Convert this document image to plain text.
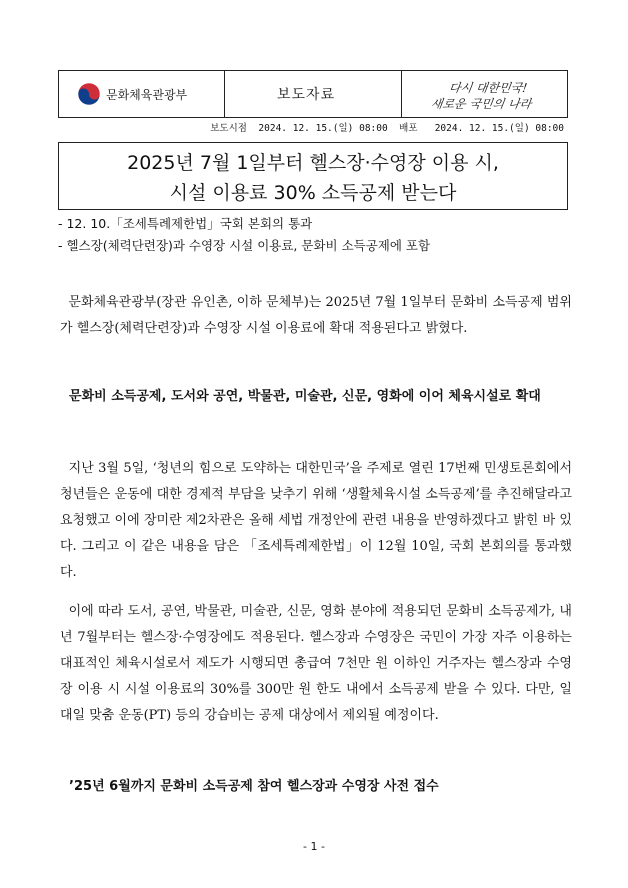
문화체육관광부	보도자료	다시 대한민국!
새로운 국민의 나라
보도시점 2024. 12. 15.(일) 08:00 배포 2024. 12. 15.(일) 08:00
2025년 7월 1일부터 헬스장·수영장 이용 시,
시설 이용료 30% 소득공제 받는다
- 12. 10.「조세특례제한법」국회 본회의 통과
- 헬스장(체력단련장)과 수영장 시설 이용료, 문화비 소득공제에 포함

문화체육관광부(장관 유인촌, 이하 문체부)는 2025년 7월 1일부터 문화비 소득공제 범위가 헬스장(체력단련장)과 수영장 시설 이용료에 확대 적용된다고 밝혔다.

문화비 소득공제, 도서와 공연, 박물관, 미술관, 신문, 영화에 이어 체육시설로 확대

지난 3월 5일, ‘청년의 힘으로 도약하는 대한민국’을 주제로 열린 17번째 민생토론회에서 청년들은 운동에 대한 경제적 부담을 낮추기 위해 ‘생활체육시설 소득공제’를 추진해달라고 요청했고 이에 장미란 제2차관은 올해 세법 개정안에 관련 내용을 반영하겠다고 밝힌 바 있다. 그리고 이 같은 내용을 담은 「조세특례제한법」이 12월 10일, 국회 본회의를 통과했다.

이에 따라 도서, 공연, 박물관, 미술관, 신문, 영화 분야에 적용되던 문화비 소득공제가, 내년 7월부터는 헬스장·수영장에도 적용된다. 헬스장과 수영장은 국민이 가장 자주 이용하는 대표적인 체육시설로서 제도가 시행되면 총급여 7천만 원 이하인 거주자는 헬스장과 수영장 이용 시 시설 이용료의 30%를 300만 원 한도 내에서 소득공제 받을 수 있다. 다만, 일대일 맞춤 운동(PT) 등의 강습비는 공제 대상에서 제외될 예정이다.

’25년 6월까지 문화비 소득공제 참여 헬스장과 수영장 사전 접수

- 1 -
